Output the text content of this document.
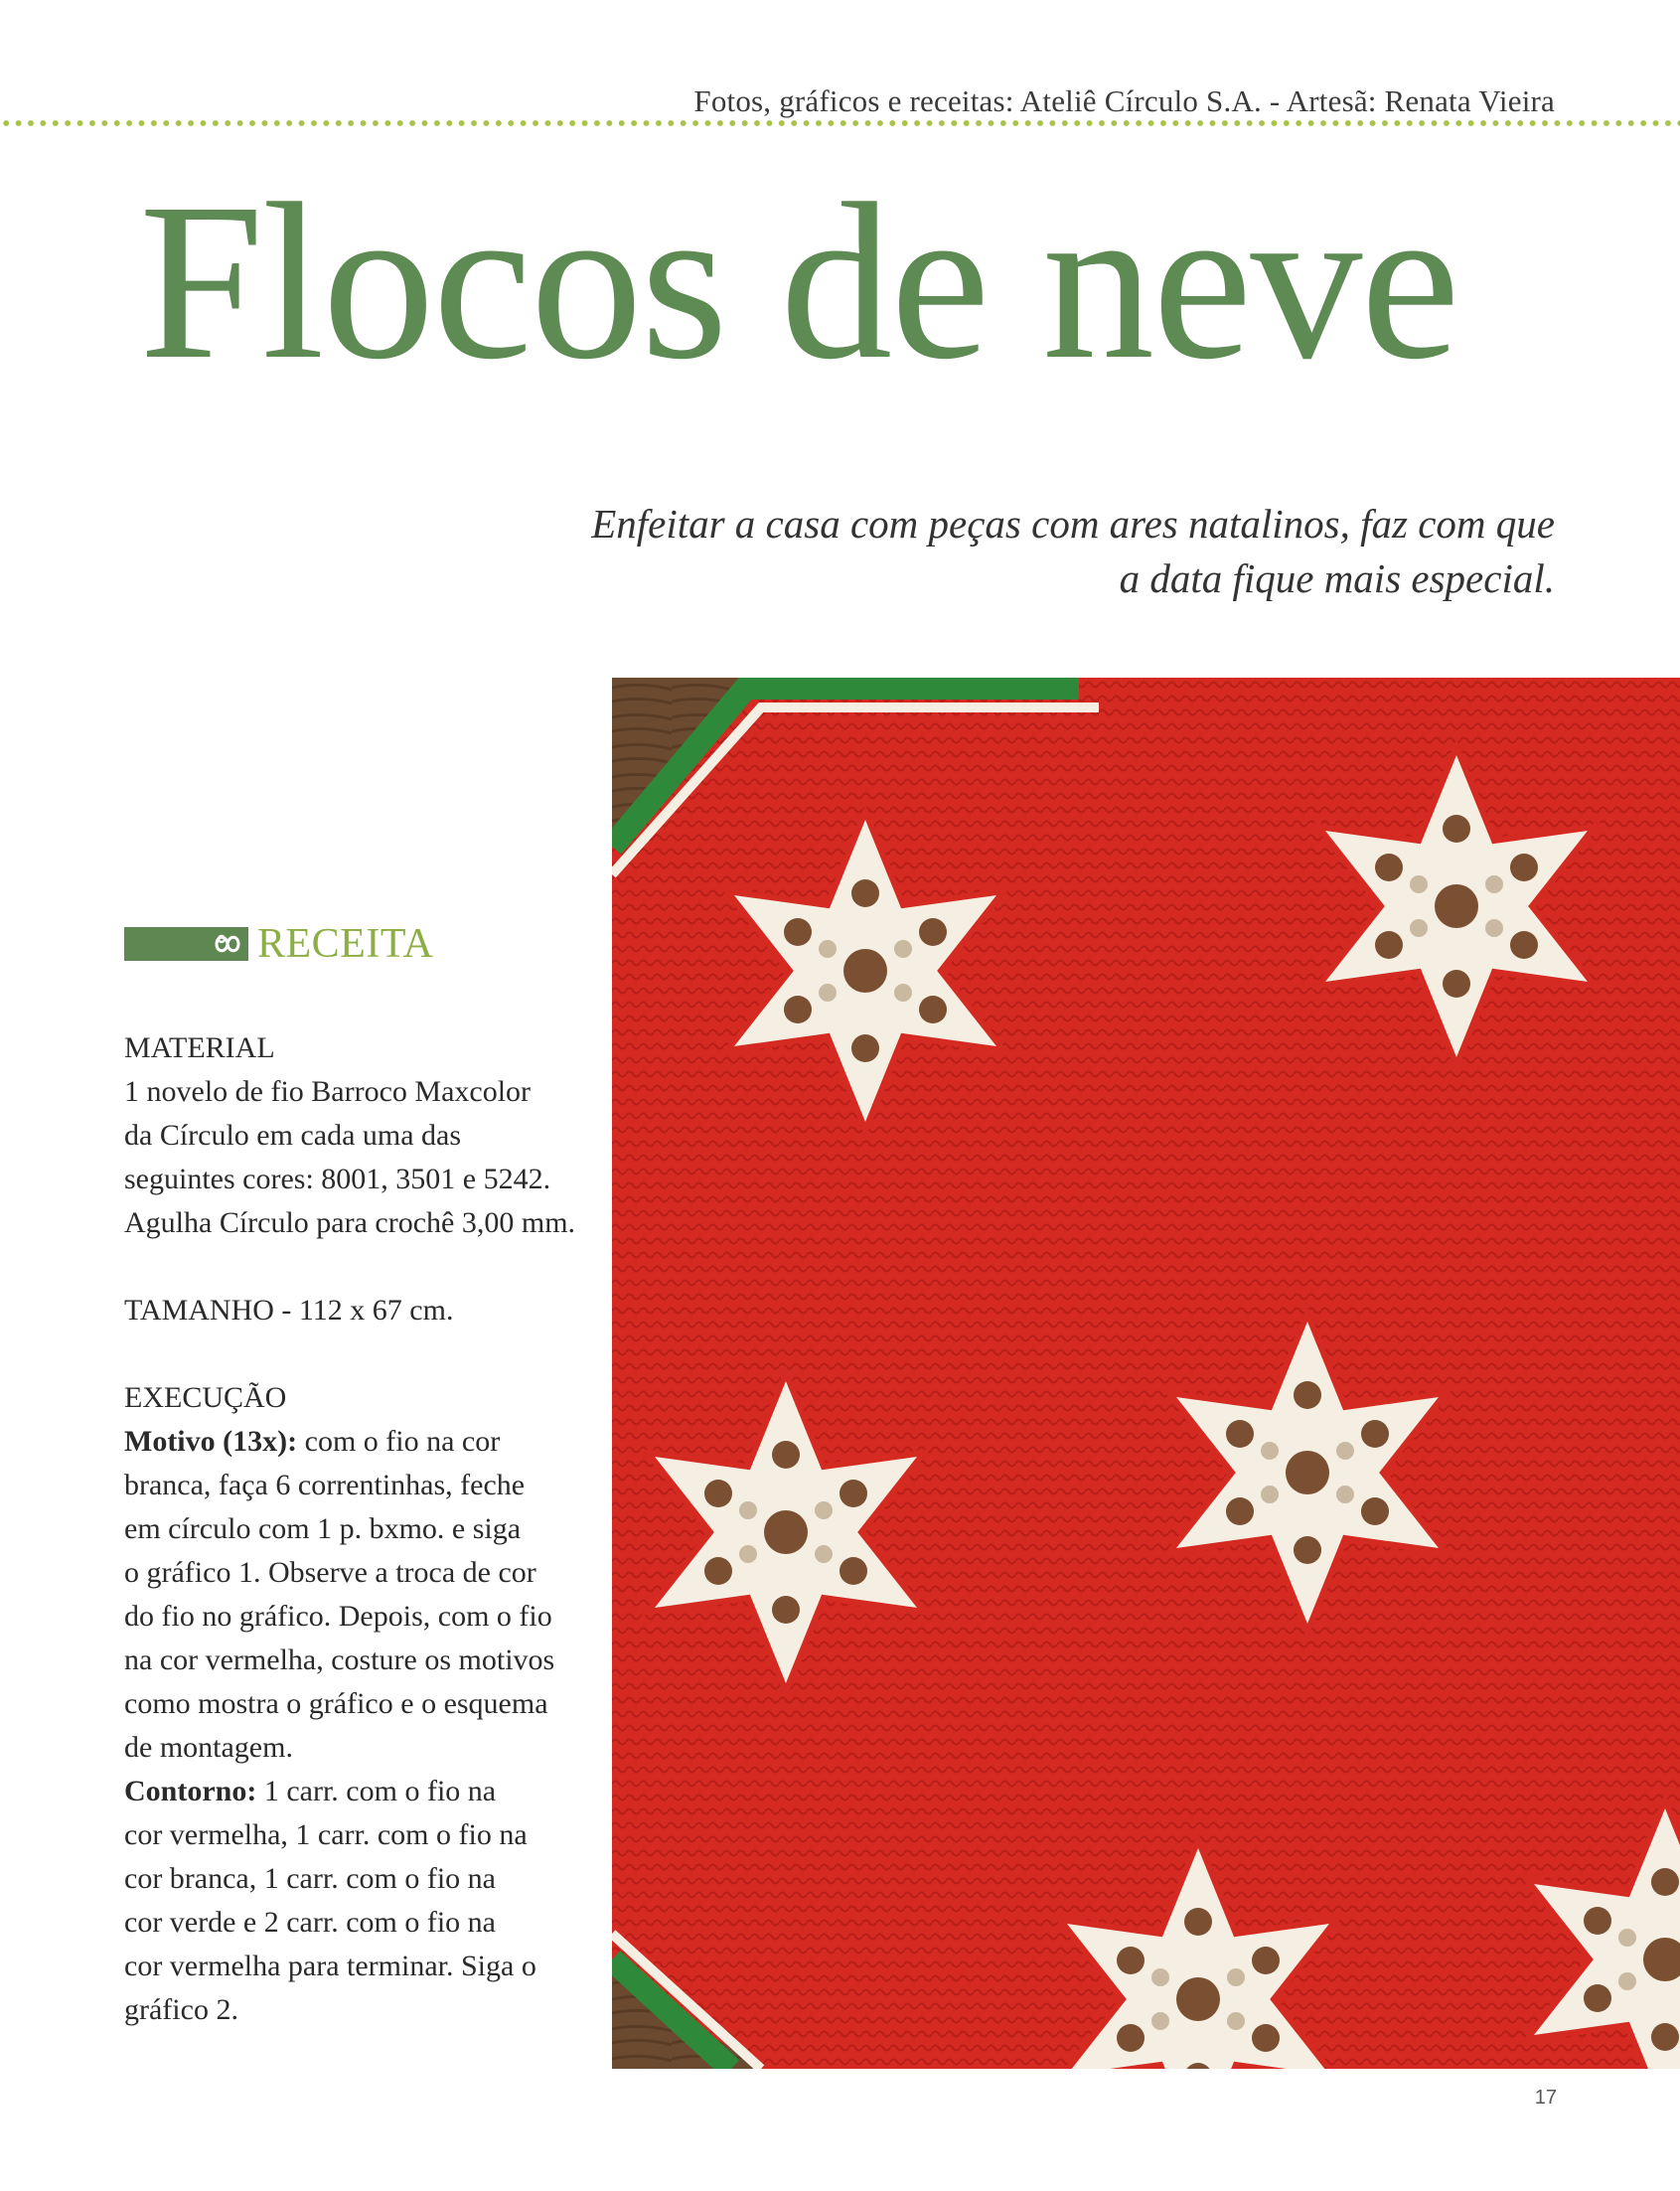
Fotos, gráficos e receitas: Ateliê Círculo S.A. - Artesã: Renata Vieira
Flocos de neve
Enfeitar a casa com peças com ares natalinos, faz com que
a data fique mais especial.
RECEITA
MATERIAL
1 novelo de fio Barroco Maxcolor
da Círculo em cada uma das
seguintes cores: 8001, 3501 e 5242.
Agulha Círculo para crochê 3,00 mm.
TAMANHO - 112 x 67 cm.
EXECUÇÃO
Motivo (13x): com o fio na cor
branca, faça 6 correntinhas, feche
em círculo com 1 p. bxmo. e siga
o gráfico 1. Observe a troca de cor
do fio no gráfico. Depois, com o fio
na cor vermelha, costure os motivos
como mostra o gráfico e o esquema
de montagem.
Contorno: 1 carr. com o fio na
cor vermelha, 1 carr. com o fio na
cor branca, 1 carr. com o fio na
cor verde e 2 carr. com o fio na
cor vermelha para terminar. Siga o
gráfico 2.
17
